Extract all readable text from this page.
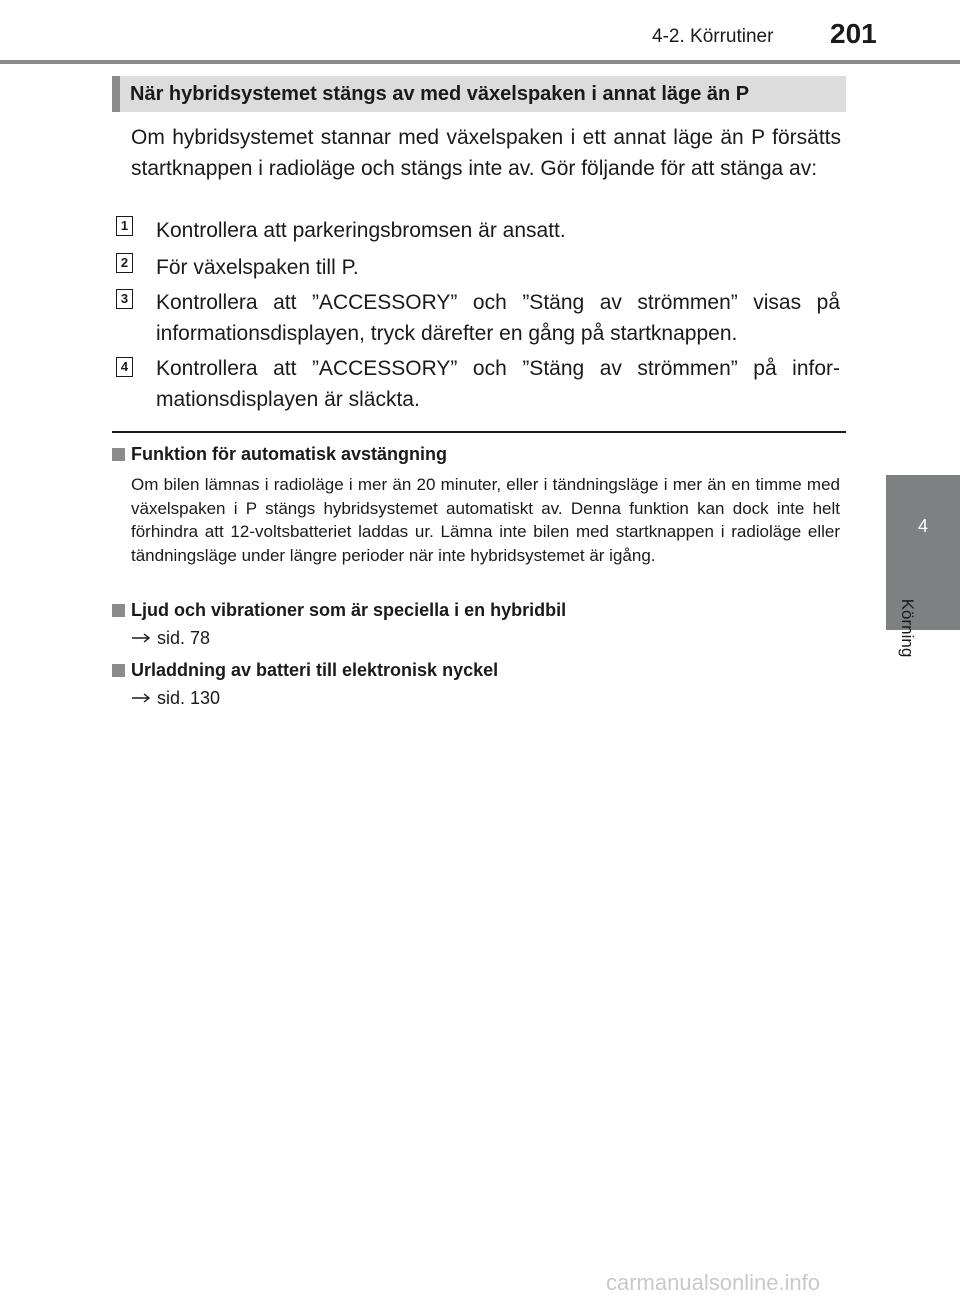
4-2. Körrutiner 201
4
Körning
När hybridsystemet stängs av med växelspaken i annat läge än P

Om hybridsystemet stannar med växelspaken i ett annat läge än P försätts startknappen i radioläge och stängs inte av. Gör följande för att stänga av:

1 Kontrollera att parkeringsbromsen är ansatt.

2 För växelspaken till P.

3 Kontrollera att ”ACCESSORY” och ”Stäng av strömmen” visas på informationsdisplayen, tryck därefter en gång på startknappen.

4 Kontrollera att ”ACCESSORY” och ”Stäng av strömmen” på infor-mationsdisplayen är släckta.

Funktion för automatisk avstängning

Om bilen lämnas i radioläge i mer än 20 minuter, eller i tändningsläge i mer än en timme med växelspaken i P stängs hybridsystemet automatiskt av. Denna funktion kan dock inte helt förhindra att 12-voltsbatteriet laddas ur. Lämna inte bilen med startknappen i radioläge eller tändningsläge under längre perioder när inte hybridsystemet är igång.

Ljud och vibrationer som är speciella i en hybridbil
sid. 78
Urladdning av batteri till elektronisk nyckel
sid. 130
carmanualsonline.info
